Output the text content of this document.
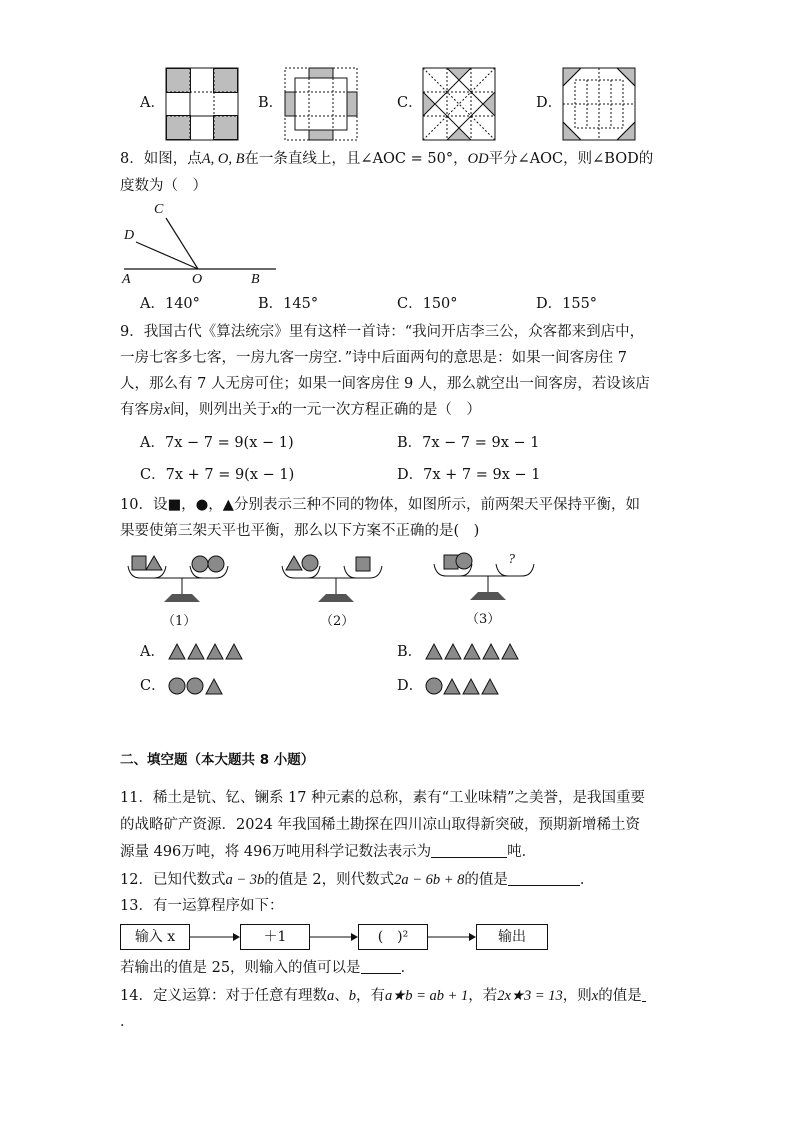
A．	B．	C．	D．
8．如图，点A, O, B在一条直线上，且∠AOC = 50°，OD平分∠AOC，则∠BOD的
度数为（　）
C
D
A	O	B
A．140°	B．145°	C．150°	D．155°
9．我国古代《算法统宗》里有这样一首诗：“我问开店李三公，众客都来到店中，
一房七客多七客，一房九客一房空．”诗中后面两句的意思是：如果一间客房住 7
人，那么有 7 人无房可住；如果一间客房住 9 人，那么就空出一间客房，若设该店
有客房x间，则列出关于x的一元一次方程正确的是（　）
A．7x − 7 = 9(x − 1)	B．7x − 7 = 9x − 1
C．7x + 7 = 9(x − 1)	D．7x + 7 = 9x − 1
10．设■，●，▲分别表示三种不同的物体，如图所示，前两架天平保持平衡，如
果要使第三架天平也平衡，那么以下方案不正确的是(　)
（1）	（2）
?
（3）
A．	B．
C．	D．
二、填空题（本大题共 8 小题）
11．稀土是钪、钇、镧系 17 种元素的总称，素有“工业味精”之美誉，是我国重要
的战略矿产资源．2024 年我国稀土勘探在四川凉山取得新突破，预期新增稀土资
源量 496万吨，将 496万吨用科学记数法表示为	吨．
12．已知代数式a − 3b的值是 2，则代数式2a − 6b + 8的值是	．
13．有一运算程序如下：
输入 x	＋1	(　)²	输出
若输出的值是 25，则输入的值可以是	．
14．定义运算：对于任意有理数a、b，有a★b = ab + 1，若2x★3 = 13，则x的值是
．
